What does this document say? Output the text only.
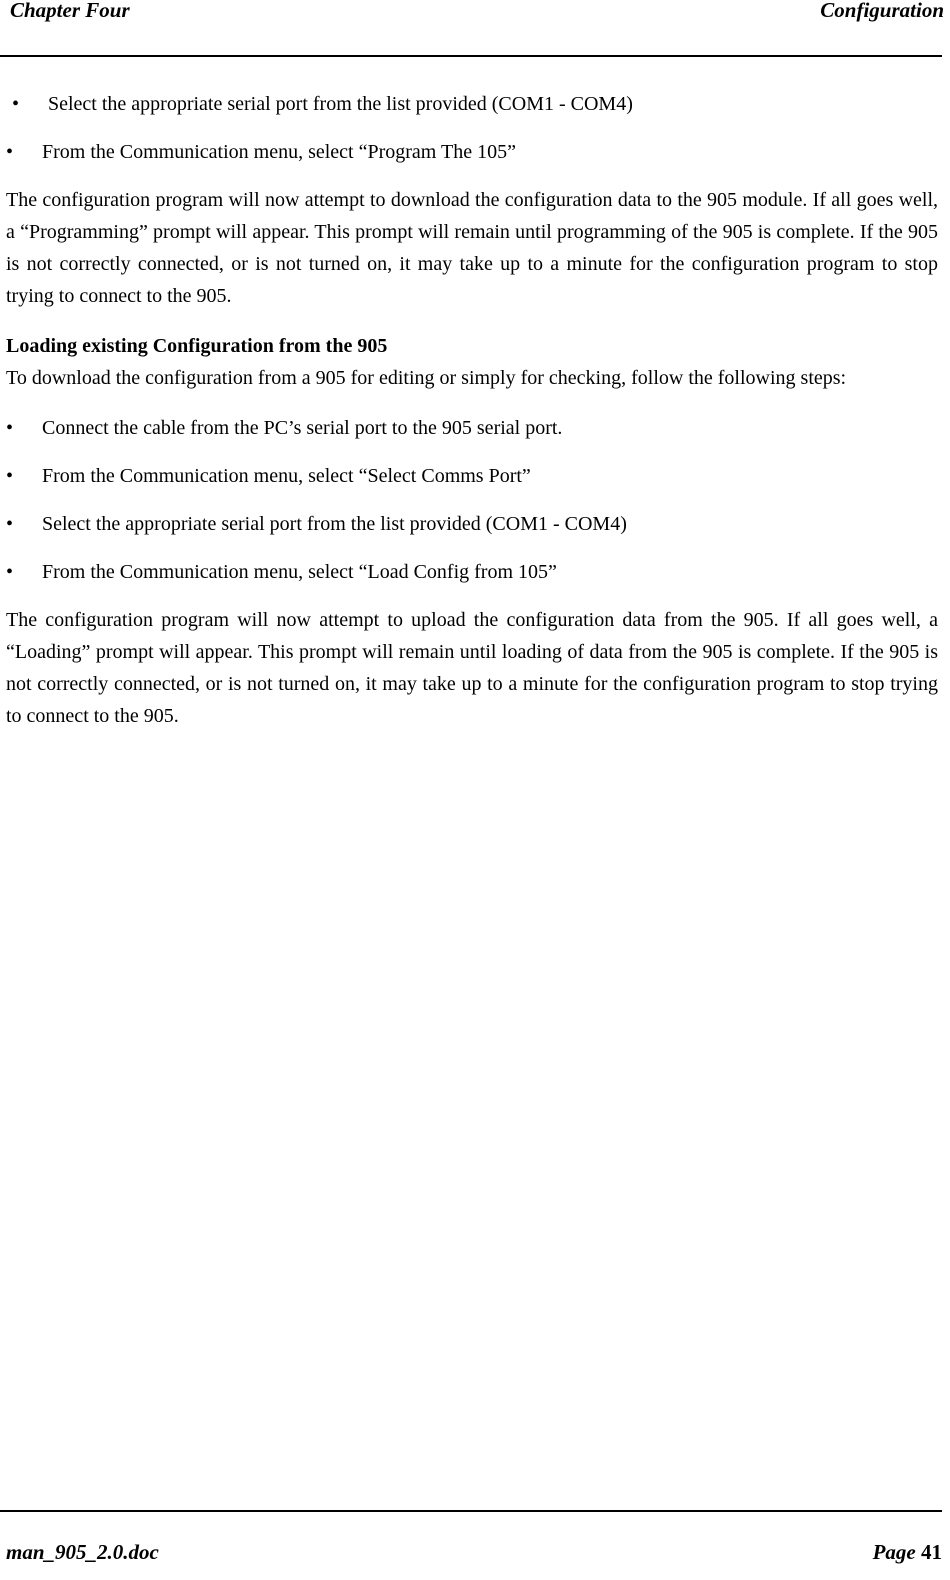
Chapter Four	Configuration
• Select the appropriate serial port from the list provided (COM1 - COM4)
• From the Communication menu, select “Program The 105”
The configuration program will now attempt to download the configuration data to the 905 module. If all goes well, a “Programming” prompt will appear. This prompt will remain until programming of the 905 is complete. If the 905 is not correctly connected, or is not turned on, it may take up to a minute for the configuration program to stop trying to connect to the 905.
Loading existing Configuration from the 905
To download the configuration from a 905 for editing or simply for checking, follow the following steps:
• Connect the cable from the PC’s serial port to the 905 serial port.
• From the Communication menu, select “Select Comms Port”
• Select the appropriate serial port from the list provided (COM1 - COM4)
• From the Communication menu, select “Load Config from 105”
The configuration program will now attempt to upload the configuration data from the 905. If all goes well, a “Loading” prompt will appear. This prompt will remain until loading of data from the 905 is complete. If the 905 is not correctly connected, or is not turned on, it may take up to a minute for the configuration program to stop trying to connect to the 905.
man_905_2.0.doc	Page 41
